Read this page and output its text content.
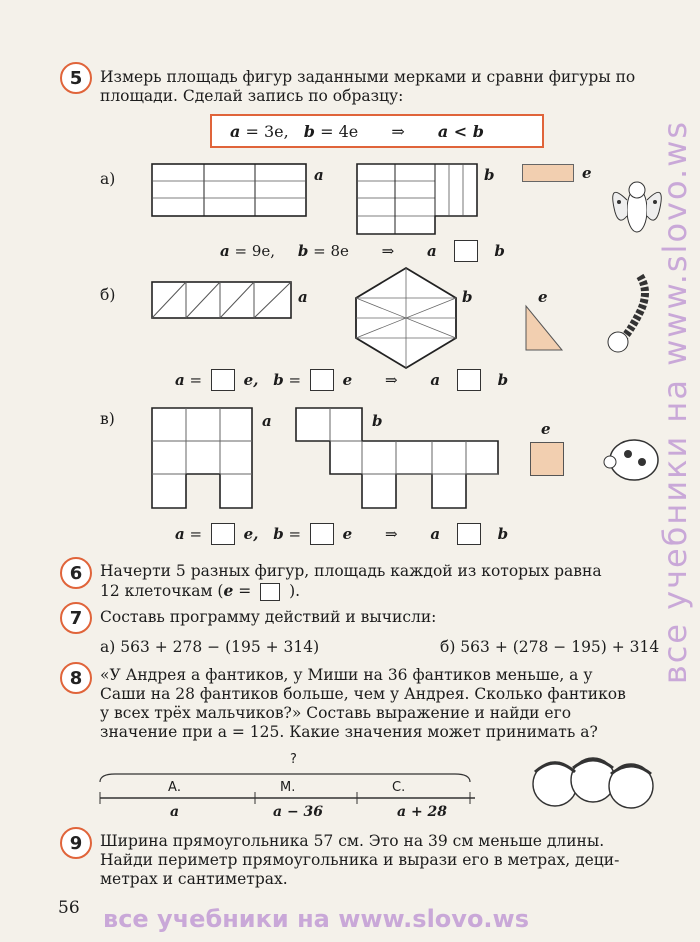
5 Измерь площадь фигур заданными мерками и сравни фигуры по площади. Сделай запись по образцу:
a = 3e, b = 4e ⇒ a < b
а)	a	b	e
a = 9e, b = 8e ⇒ a	b
б)	a	b	e
a =	e, b =	e ⇒ a	b
в)	a	b	e
a =	e, b =	e ⇒ a	b
6 Начерти 5 разных фигур, площадь каждой из которых равна
12 клеточкам (e =  ).
7 Составь программу действий и вычисли:
а) 563 + 278 − (195 + 314)	б) 563 + (278 − 195) + 314
8 «У Андрея a фантиков, у Миши на 36 фантиков меньше, а у
Саши на 28 фантиков больше, чем у Андрея. Сколько фантиков
у всех трёх мальчиков?» Составь выражение и найди его
значение при a = 125. Какие значения может принимать a?
?
А.	М.	С.
a	a − 36	a + 28
9 Ширина прямоугольника 57 см. Это на 39 см меньше длины.
Найди периметр прямоугольника и вырази его в метрах, деци-
метрах и сантиметрах.
56
все учебники на www.slovo.ws
все учебники на www.slovo.ws
